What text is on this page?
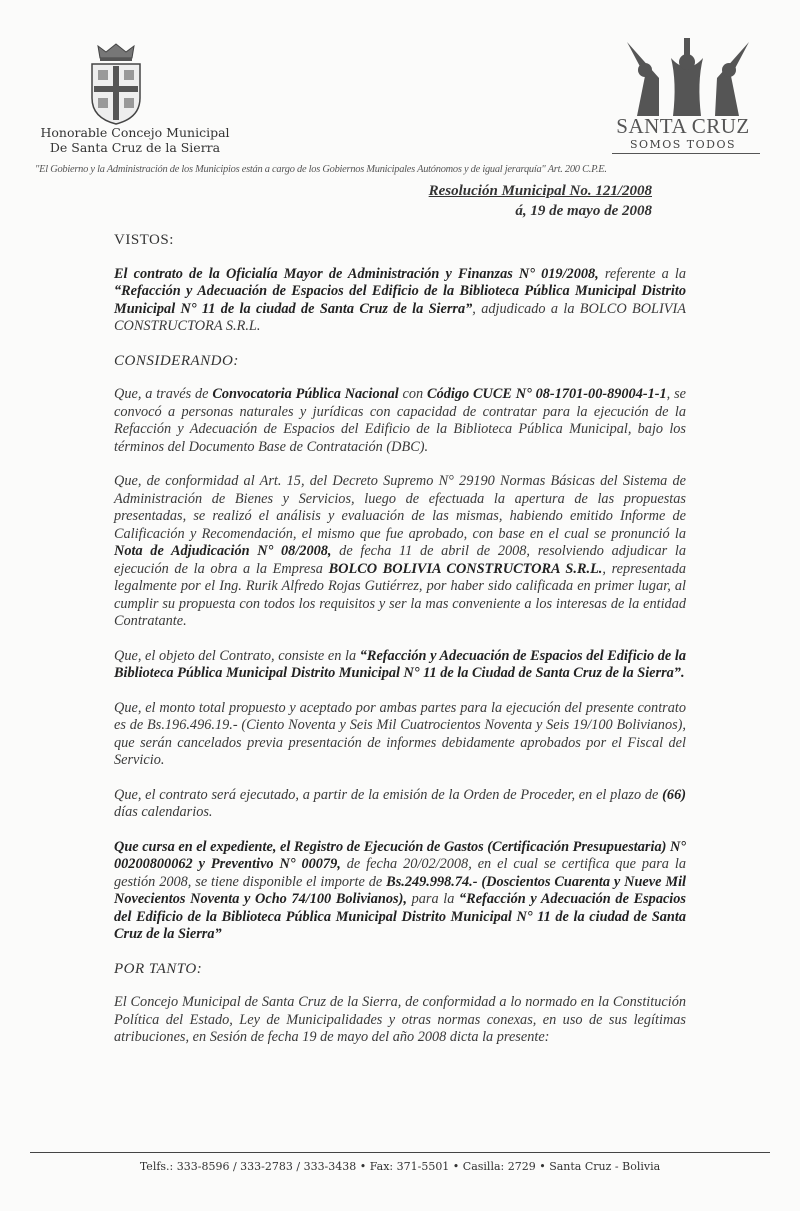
Honorable Concejo Municipal
De Santa Cruz de la Sierra
SANTA CRUZ
SOMOS TODOS
"El Gobierno y la Administración de los Municipios están a cargo de los Gobiernos Municipales Autónomos y de igual jerarquía" Art. 200 C.P.E.
Resolución Municipal No. 121/2008
á, 19 de mayo de 2008
VISTOS:
El contrato de la Oficialía Mayor de Administración y Finanzas N° 019/2008, referente a la “Refacción y Adecuación de Espacios del Edificio de la Biblioteca Pública Municipal Distrito Municipal N° 11 de la ciudad de Santa Cruz de la Sierra”, adjudicado a la BOLCO BOLIVIA CONSTRUCTORA S.R.L.
CONSIDERANDO:
Que, a través de Convocatoria Pública Nacional con Código CUCE N° 08-1701-00-89004-1-1, se convocó a personas naturales y jurídicas con capacidad de contratar para la ejecución de la Refacción y Adecuación de Espacios del Edificio de la Biblioteca Pública Municipal, bajo los términos del Documento Base de Contratación (DBC).
Que, de conformidad al Art. 15, del Decreto Supremo N° 29190 Normas Básicas del Sistema de Administración de Bienes y Servicios, luego de efectuada la apertura de las propuestas presentadas, se realizó el análisis y evaluación de las mismas, habiendo emitido Informe de Calificación y Recomendación, el mismo que fue aprobado, con base en el cual se pronunció la Nota de Adjudicación N° 08/2008, de fecha 11 de abril de 2008, resolviendo adjudicar la ejecución de la obra a la Empresa BOLCO BOLIVIA CONSTRUCTORA S.R.L., representada legalmente por el Ing. Rurik Alfredo Rojas Gutiérrez, por haber sido calificada en primer lugar, al cumplir su propuesta con todos los requisitos y ser la mas conveniente a los interesas de la entidad Contratante.
Que, el objeto del Contrato, consiste en la “Refacción y Adecuación de Espacios del Edificio de la Biblioteca Pública Municipal Distrito Municipal N° 11 de la Ciudad de Santa Cruz de la Sierra”.
Que, el monto total propuesto y aceptado por ambas partes para la ejecución del presente contrato es de Bs.196.496.19.- (Ciento Noventa y Seis Mil Cuatrocientos Noventa y Seis 19/100 Bolivianos), que serán cancelados previa presentación de informes debidamente aprobados por el Fiscal del Servicio.
Que, el contrato será ejecutado, a partir de la emisión de la Orden de Proceder, en el plazo de (66) días calendarios.
Que cursa en el expediente, el Registro de Ejecución de Gastos (Certificación Presupuestaria) N° 00200800062 y Preventivo N° 00079, de fecha 20/02/2008, en el cual se certifica que para la gestión 2008, se tiene disponible el importe de Bs.249.998.74.- (Doscientos Cuarenta y Nueve Mil Novecientos Noventa y Ocho 74/100 Bolivianos), para la “Refacción y Adecuación de Espacios del Edificio de la Biblioteca Pública Municipal Distrito Municipal N° 11 de la ciudad de Santa Cruz de la Sierra”
POR TANTO:
El Concejo Municipal de Santa Cruz de la Sierra, de conformidad a lo normado en la Constitución Política del Estado, Ley de Municipalidades y otras normas conexas, en uso de sus legítimas atribuciones, en Sesión de fecha 19 de mayo del año 2008 dicta la presente:
Telfs.: 333-8596 / 333-2783 / 333-3438 • Fax: 371-5501 • Casilla: 2729 • Santa Cruz - Bolivia
